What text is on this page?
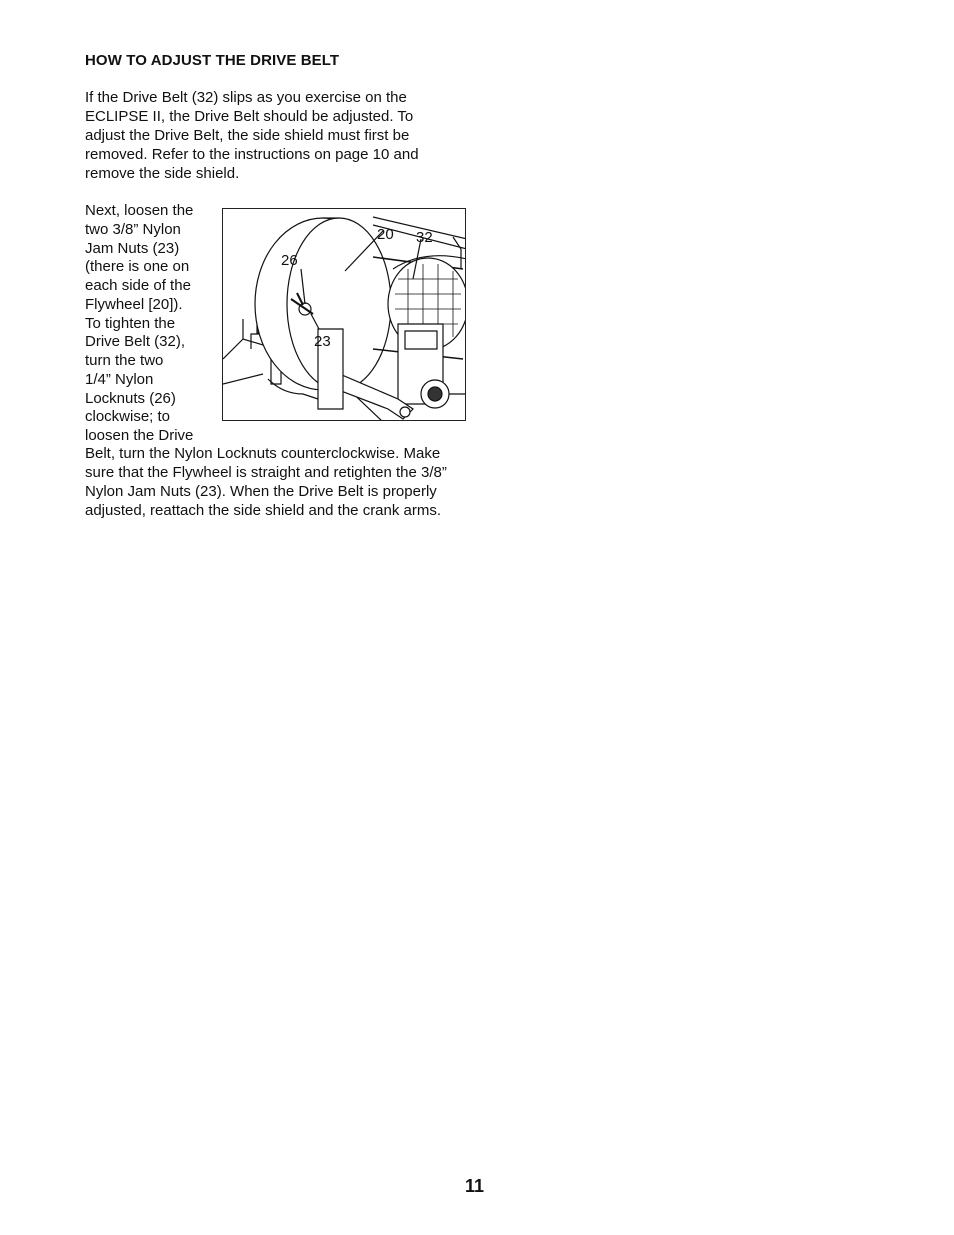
HOW TO ADJUST THE DRIVE BELT
If the Drive Belt (32) slips as you exercise on the
ECLIPSE II, the Drive Belt should be adjusted. To
adjust the Drive Belt, the side shield must first be
removed. Refer to the instructions on page 10 and
remove the side shield.
Next, loosen the
two 3/8” Nylon
Jam Nuts (23)
(there is one on
each side of the
Flywheel [20]).
To tighten the
Drive Belt (32),
turn the two
1/4” Nylon
Locknuts (26)
clockwise; to
loosen the Drive
Belt, turn the Nylon Locknuts counterclockwise. Make
sure that the Flywheel is straight and retighten the 3/8”
Nylon Jam Nuts (23). When the Drive Belt is properly
adjusted, reattach the side shield and the crank arms.
20 32
26
23
11
